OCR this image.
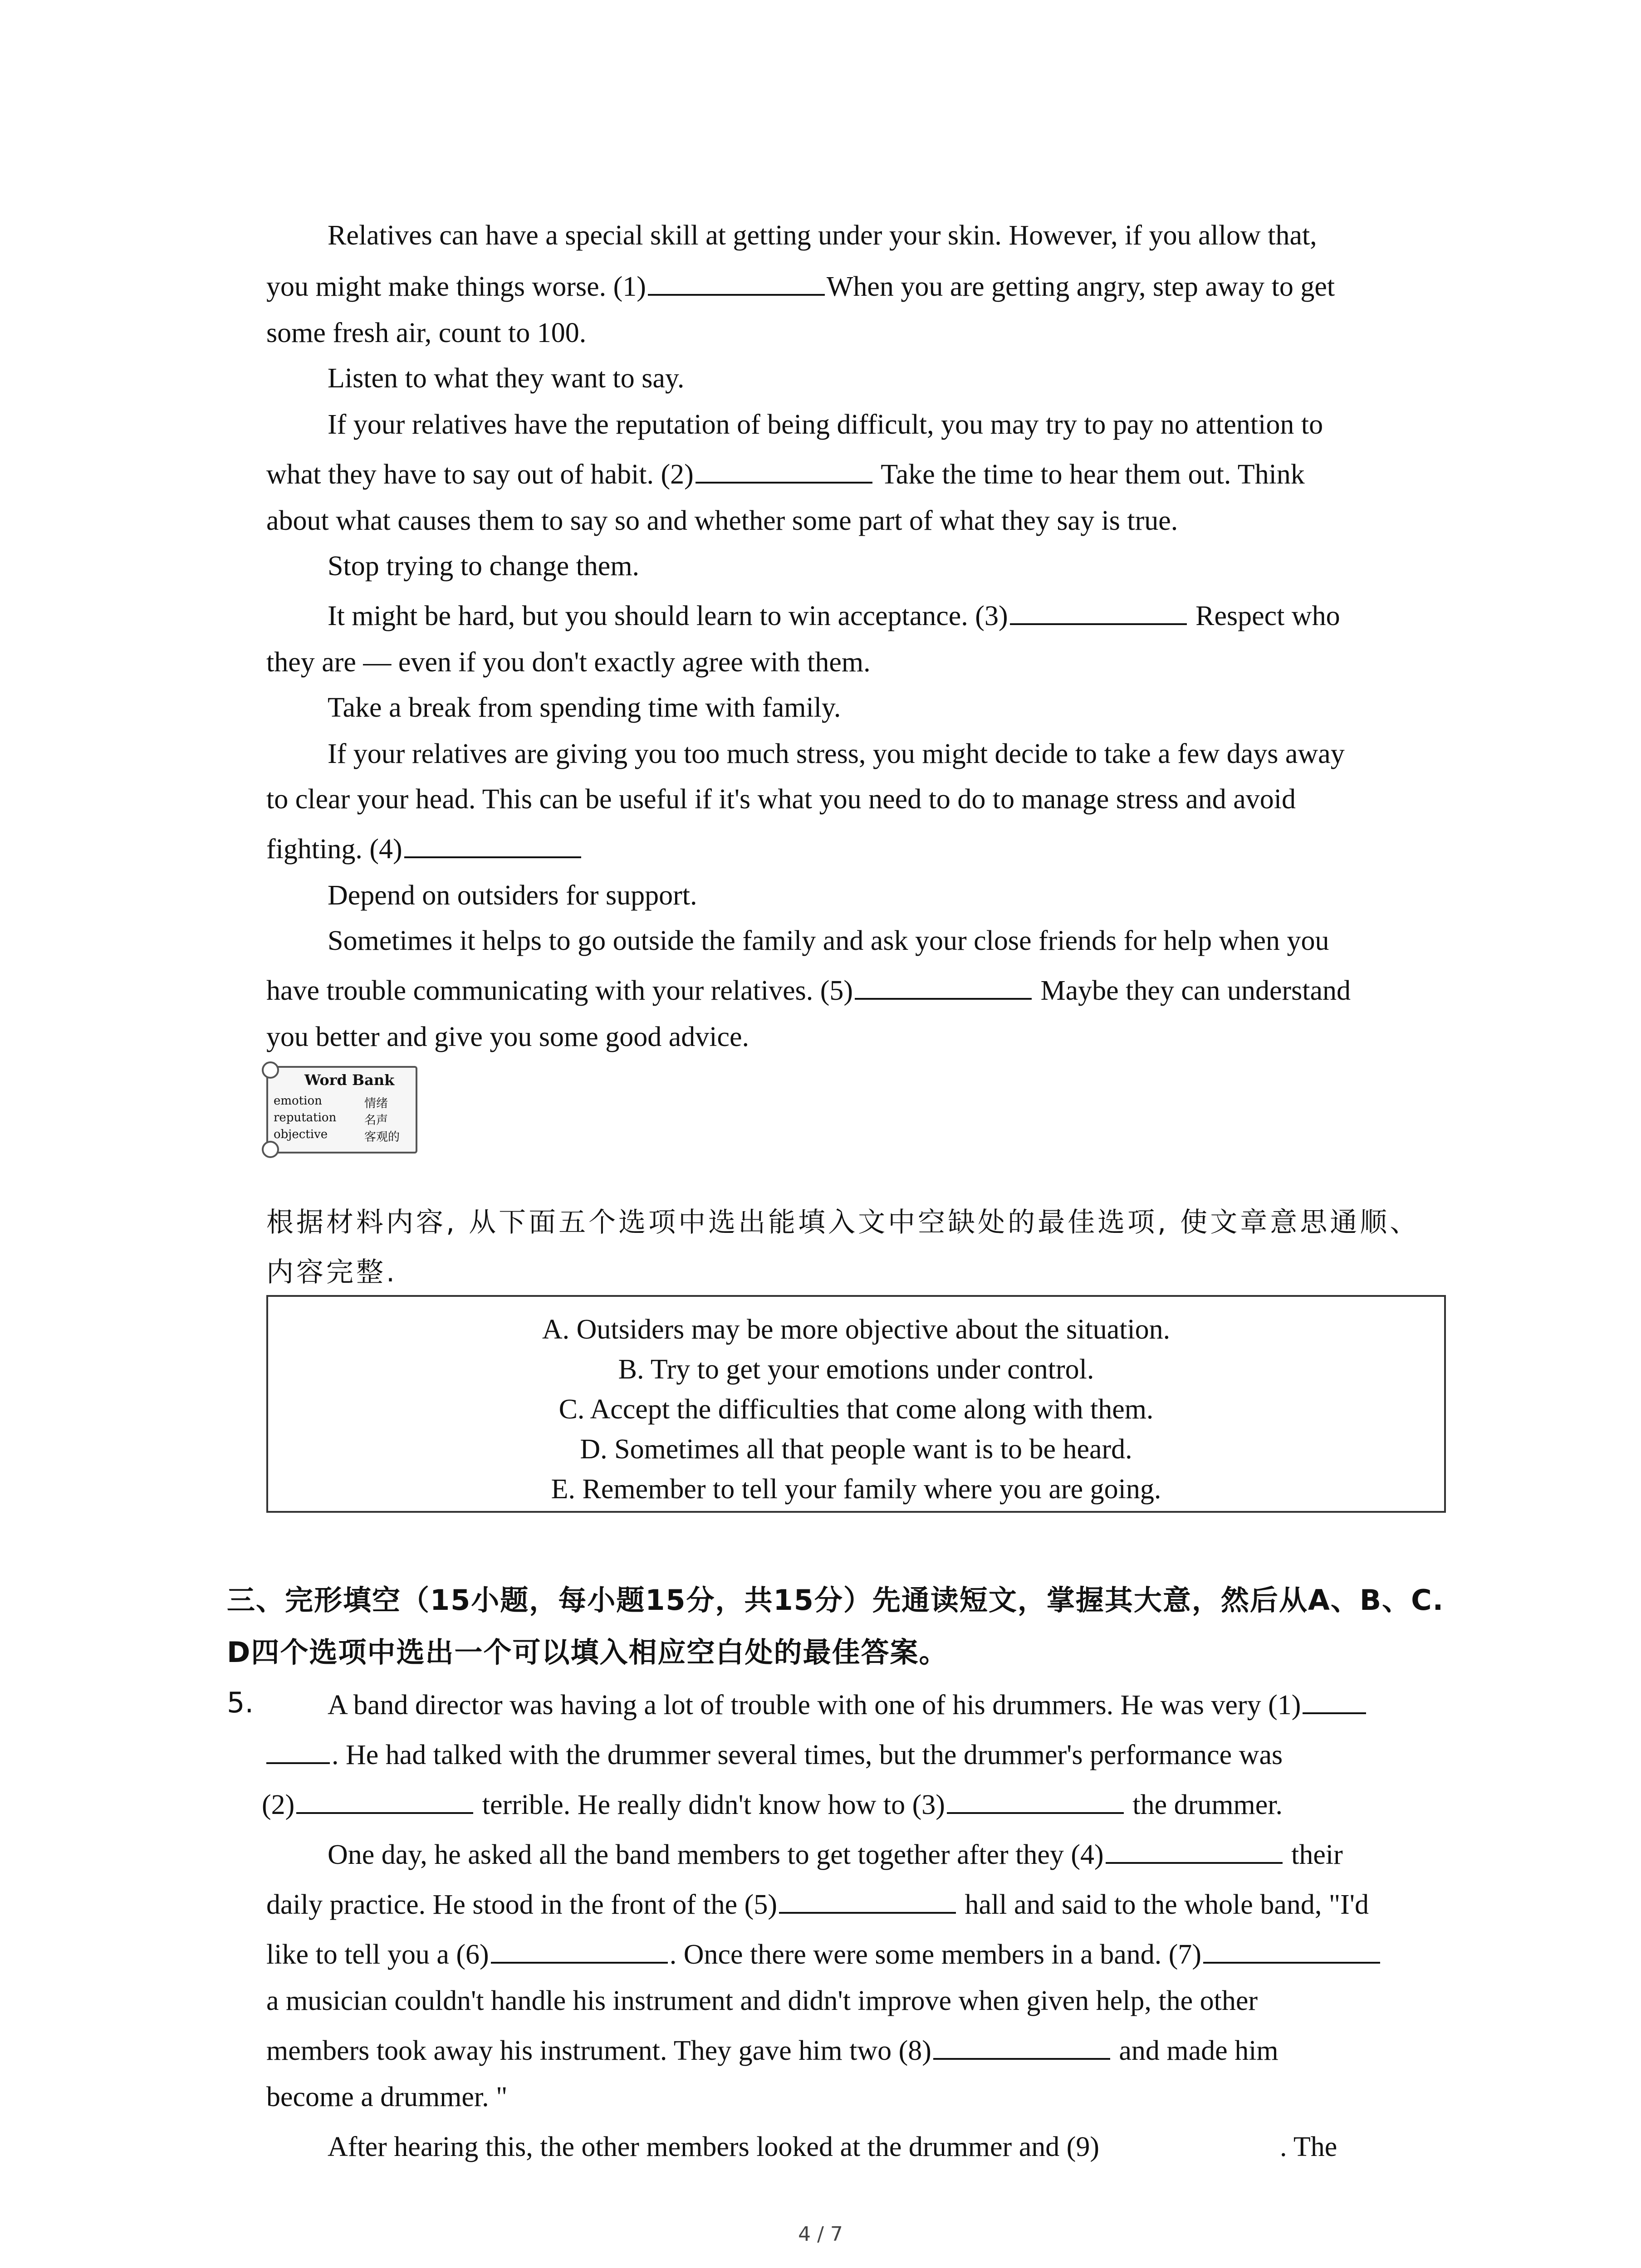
Relatives can have a special skill at getting under your skin. However, if you allow that,

you might make things worse. (1)	When you are getting angry, step away to get

some fresh air, count to 100.

Listen to what they want to say.

If your relatives have the reputation of being difficult, you may try to pay no attention to

what they have to say out of habit. (2)	Take the time to hear them out. Think

about what causes them to say so and whether some part of what they say is true.

Stop trying to change them.

It might be hard, but you should learn to win acceptance. (3)	Respect who

they are — even if you don't exactly agree with them.

Take a break from spending time with family.

If your relatives are giving you too much stress, you might decide to take a few days away

to clear your head. This can be useful if it's what you need to do to manage stress and avoid

fighting. (4)

Depend on outsiders for support.

Sometimes it helps to go outside the family and ask your close friends for help when you

have trouble communicating with your relatives. (5)	Maybe they can understand

you better and give you some good advice.

Word Bank
emotion	情绪
reputation 名声
objective	客观的
根据材料内容, 从下面五个选项中选出能填入文中空缺处的最佳选项, 使文章意思通顺、
内容完整.
A. Outsiders may be more objective about the situation.
B. Try to get your emotions under control.
C. Accept the difficulties that come along with them.
D. Sometimes all that people want is to be heard.
E. Remember to tell your family where you are going.
三、完形填空（15小题，每小题15分，共15分）先通读短文，掌握其大意，然后从A、B、C.
D四个选项中选出一个可以填入相应空白处的最佳答案。
5.	A band director was having a lot of trouble with one of his drummers. He was very (1)

. He had talked with the drummer several times, but the drummer's performance was

(2)	terrible. He really didn't know how to (3)	the drummer.

One day, he asked all the band members to get together after they (4)	their

daily practice. He stood in the front of the (5)	hall and said to the whole band, "I'd

like to tell you a (6)	. Once there were some members in a band. (7)

a musician couldn't handle his instrument and didn't improve when given help, the other

members took away his instrument. They gave him two (8)	and made him

become a drummer. "

After hearing this, the other members looked at the drummer and (9)	. The

4 / 7
